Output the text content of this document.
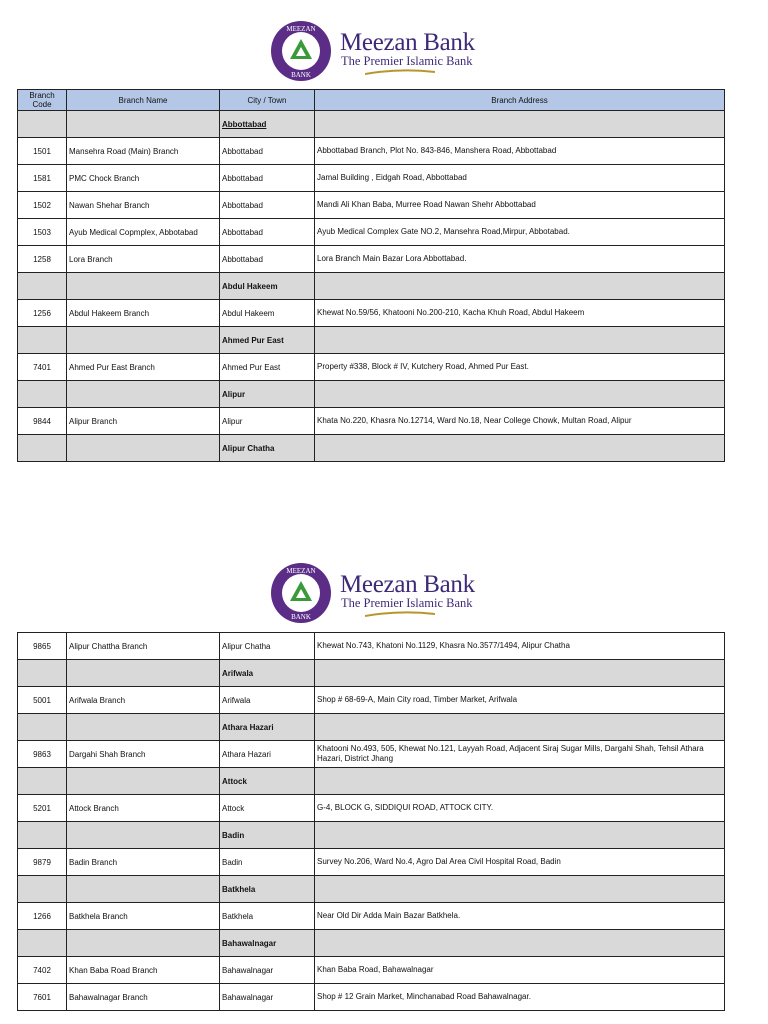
MEEZAN
BANK
Meezan Bank
The Premier Islamic Bank
Branch Code	Branch Name	City / Town	Branch Address
		Abbottabad	
1501	Mansehra Road (Main) Branch	Abbottabad	Abbottabad Branch, Plot No. 843-846, Manshera Road, Abbottabad
1581	PMC Chock Branch	Abbottabad	Jamal Building , Eidgah Road, Abbottabad
1502	Nawan Shehar Branch	Abbottabad	Mandi Ali Khan Baba, Murree Road Nawan Shehr Abbottabad
1503	Ayub Medical Copmplex, Abbotabad	Abbottabad	Ayub Medical Complex Gate NO.2, Mansehra Road,Mirpur, Abbotabad.
1258	Lora Branch	Abbottabad	Lora Branch Main Bazar Lora Abbottabad.
		Abdul Hakeem	
1256	Abdul Hakeem Branch	Abdul Hakeem	Khewat No.59/56, Khatooni No.200-210, Kacha Khuh Road, Abdul Hakeem
		Ahmed Pur East	
7401	Ahmed Pur East Branch	Ahmed Pur East	Property #338, Block # IV, Kutchery Road, Ahmed Pur East.
		Alipur	
9844	Alipur Branch	Alipur	Khata No.220, Khasra No.12714, Ward No.18, Near College Chowk, Multan Road, Alipur
		Alipur Chatha	
MEEZAN
BANK
Meezan Bank
The Premier Islamic Bank
9865	Alipur Chattha Branch	Alipur Chatha	Khewat No.743, Khatoni No.1129, Khasra No.3577/1494, Alipur Chatha
		Arifwala	
5001	Arifwala Branch	Arifwala	Shop # 68-69-A, Main City road, Timber Market, Arifwala
		Athara Hazari	
9863	Dargahi Shah Branch	Athara Hazari	Khatooni No.493, 505, Khewat No.121, Layyah Road, Adjacent Siraj Sugar Mills, Dargahi Shah, Tehsil Athara Hazari, District Jhang
		Attock	
5201	Attock Branch	Attock	G-4, BLOCK G, SIDDIQUI ROAD, ATTOCK CITY.
		Badin	
9879	Badin Branch	Badin	Survey No.206, Ward No.4, Agro Dal Area Civil Hospital Road, Badin
		Batkhela	
1266	Batkhela Branch	Batkhela	Near Old Dir Adda Main Bazar Batkhela.
		Bahawalnagar	
7402	Khan Baba Road Branch	Bahawalnagar	Khan Baba Road, Bahawalnagar
7601	Bahawalnagar Branch	Bahawalnagar	Shop # 12 Grain Market, Minchanabad Road Bahawalnagar.
